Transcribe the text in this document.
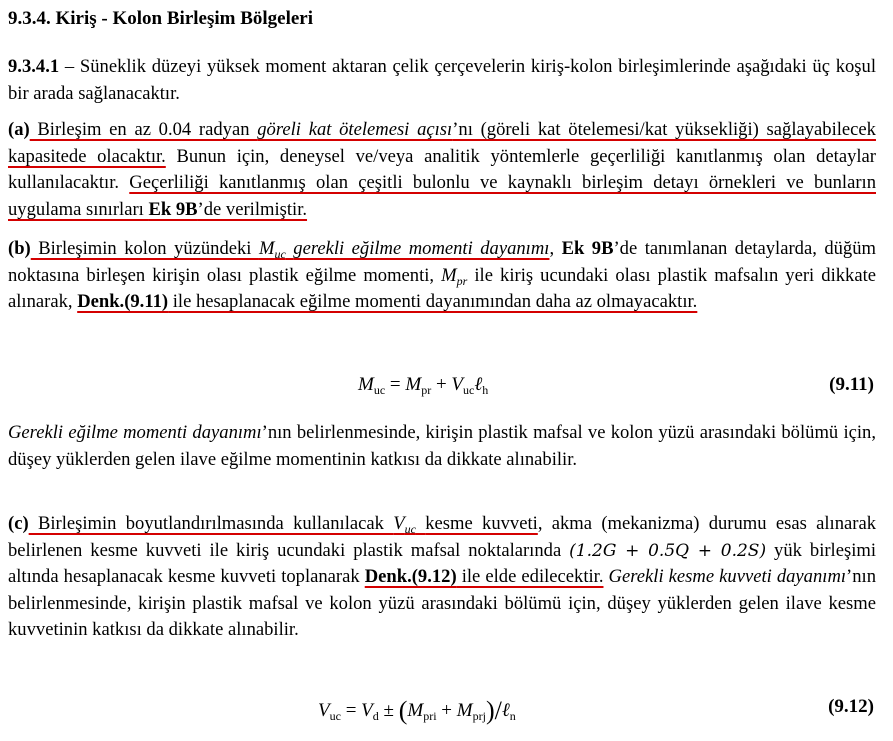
9.3.4. Kiriş - Kolon Birleşim Bölgeleri
9.3.4.1 – Süneklik düzeyi yüksek moment aktaran çelik çerçevelerin kiriş-kolon birleşimlerinde aşağıdaki üç koşul bir arada sağlanacaktır.
(a) Birleşim en az 0.04 radyan göreli kat ötelemesi açısı’nı (göreli kat ötelemesi/kat yüksekliği) sağlayabilecek kapasitede olacaktır. Bunun için, deneysel ve/veya analitik yöntemlerle geçerliliği kanıtlanmış olan detaylar kullanılacaktır. Geçerliliği kanıtlanmış olan çeşitli bulonlu ve kaynaklı birleşim detayı örnekleri ve bunların uygulama sınırları Ek 9B’de verilmiştir.
(b) Birleşimin kolon yüzündeki $M_{uc}$ gerekli eğilme momenti dayanımı, Ek 9B’de tanımlanan detaylarda, düğüm noktasına birleşen kirişin olası plastik eğilme momenti, $M_{pr}$ ile kiriş ucundaki olası plastik mafsalın yeri dikkate alınarak, Denk.(9.11) ile hesaplanacak eğilme momenti dayanımından daha az olmayacaktır.
$M_{uc} = M_{pr}$ + $V_{uc}\ell_h$	(9.11)
Gerekli eğilme momenti dayanımı’nın belirlenmesinde, kirişin plastik mafsal ve kolon yüzü arasındaki bölümü için, düşey yüklerden gelen ilave eğilme momentinin katkısı da dikkate alınabilir.
(c) Birleşimin boyutlandırılmasında kullanılacak $V_{uc}$ kesme kuvveti, akma (mekanizma) durumu esas alınarak belirlenen kesme kuvveti ile kiriş ucundaki plastik mafsal noktalarında (1.2G + 0.5Q + 0.2S) yük birleşimi altında hesaplanacak kesme kuvveti toplanarak Denk.(9.12) ile elde edilecektir. Gerekli kesme kuvveti dayanımı’nın belirlenmesinde, kirişin plastik mafsal ve kolon yüzü arasındaki bölümü için, düşey yüklerden gelen ilave kesme kuvvetinin katkısı da dikkate alınabilir.
$V_{uc} = V_d \pm (M_{pri}$ + $M_{prj})/\ell_n$	(9.12)
